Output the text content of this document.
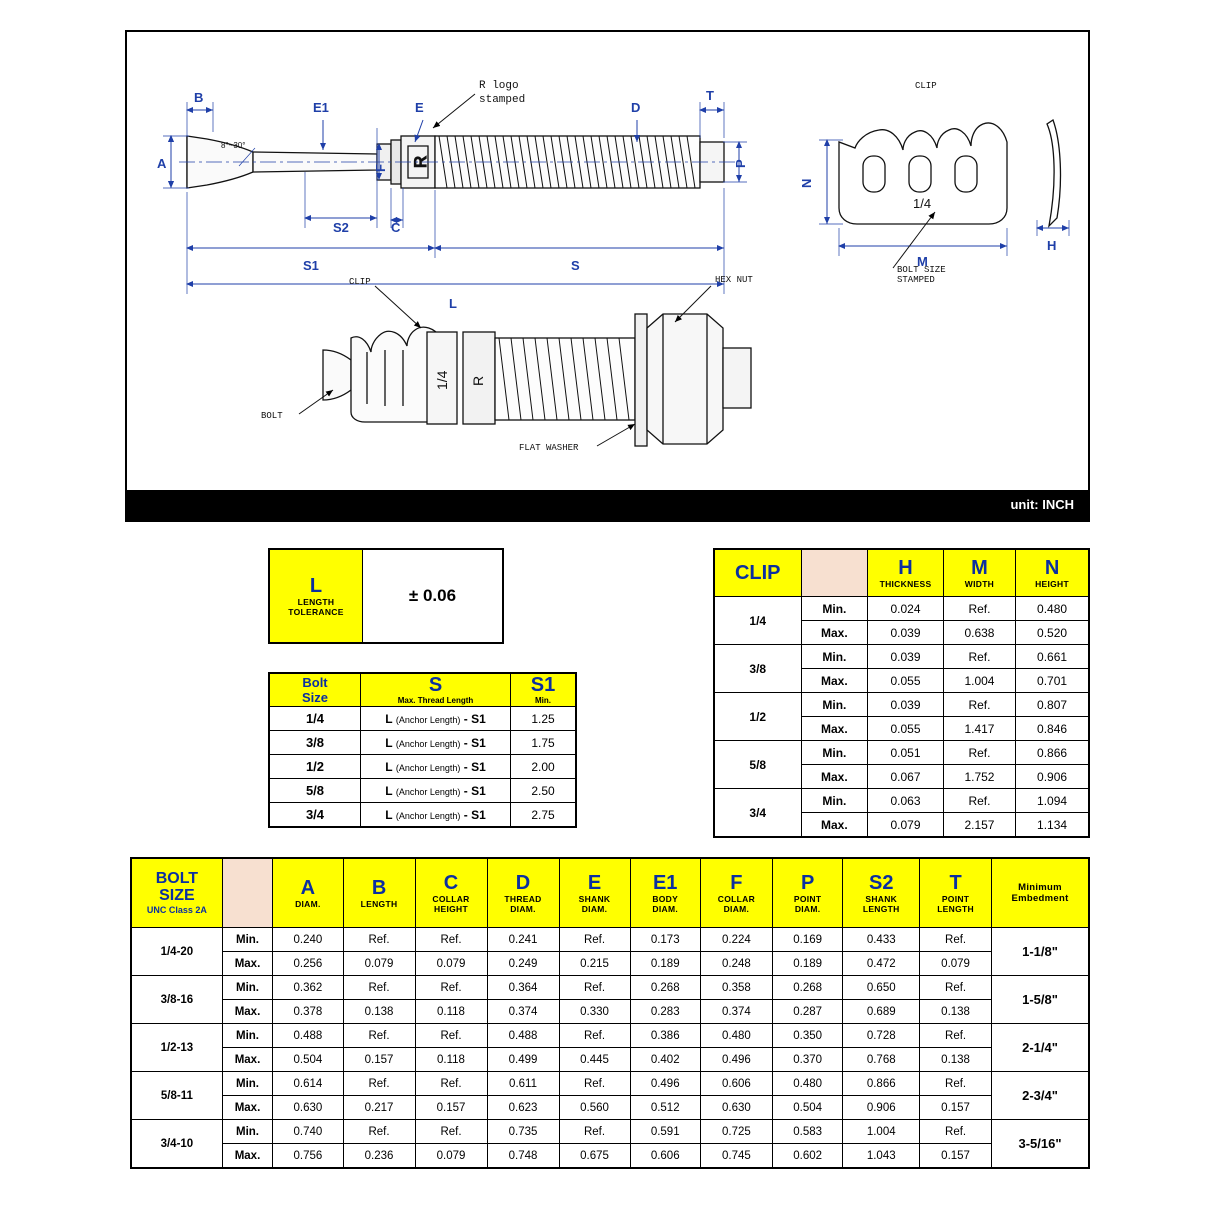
R
A
B
E1
F
E	D
T
P
C
S2
S1	S
L
8°~30°
R logo
stamped
1/4
N
M
H
CLIP
BOLT SIZE
STAMPED
1/4 R
CLIP
BOLT
HEX NUT
FLAT WASHER
unit: INCH
L
LENGTH
TOLERANCE
	± 0.06
Bolt
Size

S
Max. Thread Length

S1
Min.

1/4	L (Anchor Length) - S1	1.25
3/8	L (Anchor Length) - S1	1.75
1/2	L (Anchor Length) - S1	2.00
5/8	L (Anchor Length) - S1	2.50
3/4	L (Anchor Length) - S1	2.75
CLIP		H
THICKNESS

M
WIDTH

N
HEIGHT

1/4	Min.	0.024	Ref.	0.480
	Max.	0.039	0.638	0.520
3/8	Min.	0.039	Ref.	0.661
	Max.	0.055	1.004	0.701
1/2	Min.	0.039	Ref.	0.807
	Max.	0.055	1.417	0.846
5/8	Min.	0.051	Ref.	0.866
	Max.	0.067	1.752	0.906
3/4	Min.	0.063	Ref.	1.094
	Max.	0.079	2.157	1.134
BOLT
SIZE
UNC Class 2A

A
DIAM.

B
LENGTH

C
COLLAR
HEIGHT

D
THREAD
DIAM.

E
SHANK
DIAM.

E1
BODY
DIAM.

F
COLLAR
DIAM.

P
POINT
DIAM.

S2
SHANK
LENGTH

T
POINT
LENGTH

Minimum
Embedment

1/4-20	Min.	0.240	Ref.	Ref.	0.241	Ref.	0.173	0.224	0.169	0.433	Ref.	1-1/8"
	Max.	0.256	0.079	0.079	0.249	0.215	0.189	0.248	0.189	0.472	0.079	
3/8-16	Min.	0.362	Ref.	Ref.	0.364	Ref.	0.268	0.358	0.268	0.650	Ref.	1-5/8"
	Max.	0.378	0.138	0.118	0.374	0.330	0.283	0.374	0.287	0.689	0.138	
1/2-13	Min.	0.488	Ref.	Ref.	0.488	Ref.	0.386	0.480	0.350	0.728	Ref.	2-1/4"
	Max.	0.504	0.157	0.118	0.499	0.445	0.402	0.496	0.370	0.768	0.138	
5/8-11	Min.	0.614	Ref.	Ref.	0.611	Ref.	0.496	0.606	0.480	0.866	Ref.	2-3/4"
	Max.	0.630	0.217	0.157	0.623	0.560	0.512	0.630	0.504	0.906	0.157	
3/4-10	Min.	0.740	Ref.	Ref.	0.735	Ref.	0.591	0.725	0.583	1.004	Ref.	3-5/16"
	Max.	0.756	0.236	0.079	0.748	0.675	0.606	0.745	0.602	1.043	0.157	
